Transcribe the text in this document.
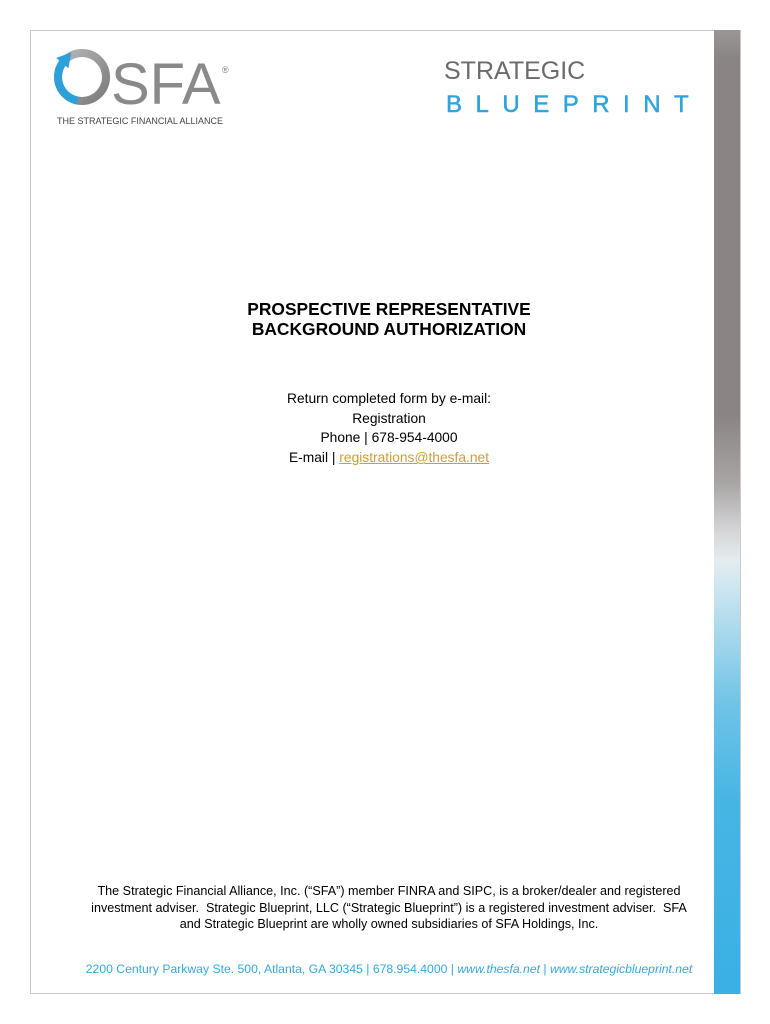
SFA ®
THE STRATEGIC FINANCIAL ALLIANCE
STRATEGIC
BLUEPRINT
PROSPECTIVE REPRESENTATIVE
BACKGROUND AUTHORIZATION
Return completed form by e-mail:
Registration
Phone | 678-954-4000
E-mail | registrations@thesfa.net
The Strategic Financial Alliance, Inc. (“SFA”) member FINRA and SIPC, is a broker/dealer and registered
investment adviser.  Strategic Blueprint, LLC (“Strategic Blueprint”) is a registered investment adviser.  SFA
and Strategic Blueprint are wholly owned subsidiaries of SFA Holdings, Inc.
2200 Century Parkway Ste. 500, Atlanta, GA 30345 | 678.954.4000 | www.thesfa.net | www.strategicblueprint.net
